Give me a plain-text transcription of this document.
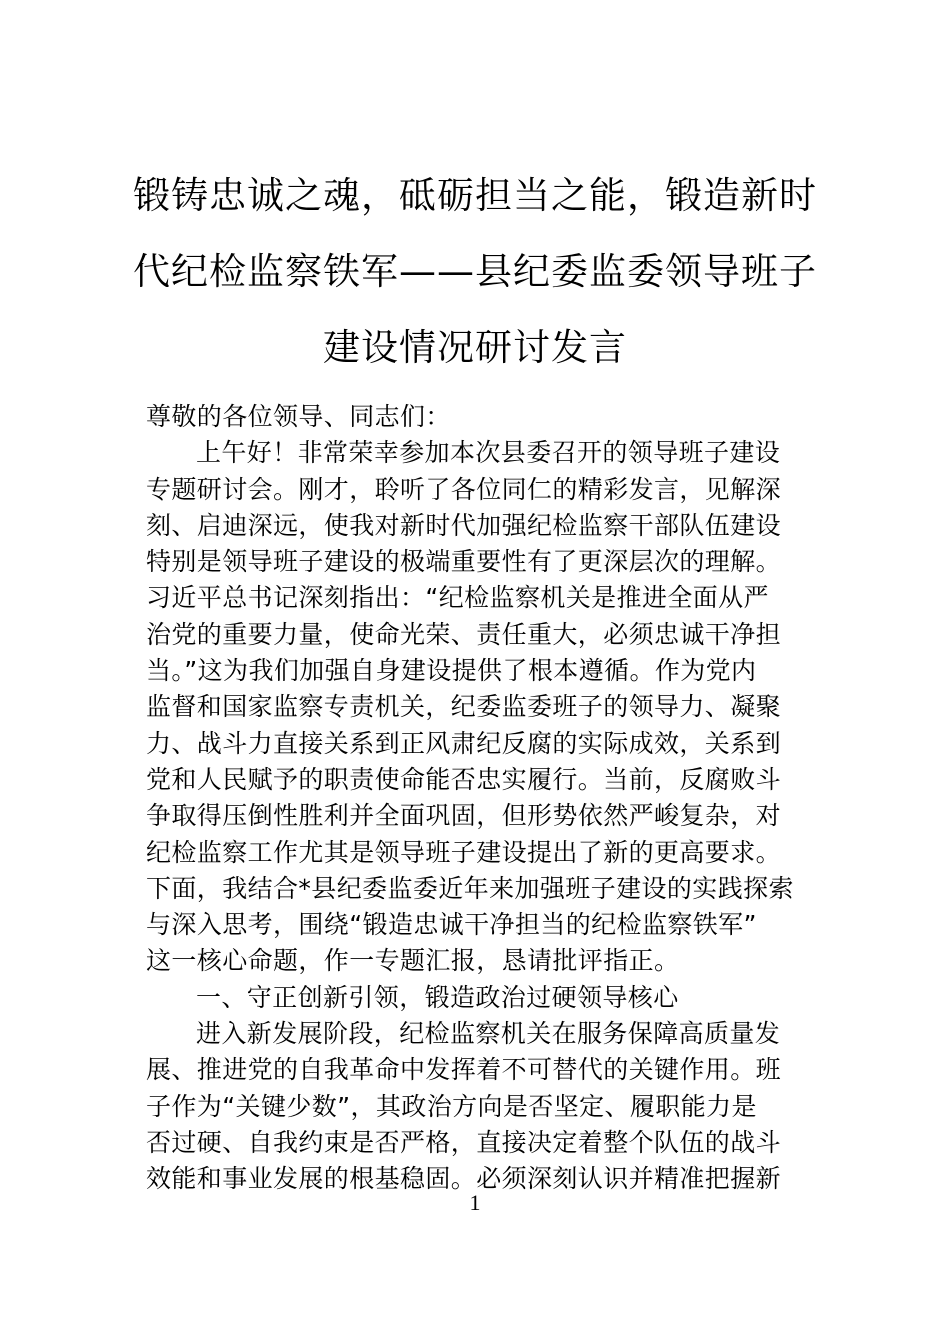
锻铸忠诚之魂，砥砺担当之能，锻造新时
代纪检监察铁军——县纪委监委领导班子
建设情况研讨发言
尊敬的各位领导、同志们：
上午好！非常荣幸参加本次县委召开的领导班子建设
专题研讨会。刚才，聆听了各位同仁的精彩发言，见解深
刻、启迪深远，使我对新时代加强纪检监察干部队伍建设
特别是领导班子建设的极端重要性有了更深层次的理解。
习近平总书记深刻指出：“纪检监察机关是推进全面从严
治党的重要力量，使命光荣、责任重大，必须忠诚干净担
当。”这为我们加强自身建设提供了根本遵循。作为党内
监督和国家监察专责机关，纪委监委班子的领导力、凝聚
力、战斗力直接关系到正风肃纪反腐的实际成效，关系到
党和人民赋予的职责使命能否忠实履行。当前，反腐败斗
争取得压倒性胜利并全面巩固，但形势依然严峻复杂，对
纪检监察工作尤其是领导班子建设提出了新的更高要求。
下面，我结合*县纪委监委近年来加强班子建设的实践探索
与深入思考，围绕“锻造忠诚干净担当的纪检监察铁军”
这一核心命题，作一专题汇报，恳请批评指正。
一、守正创新引领，锻造政治过硬领导核心
进入新发展阶段，纪检监察机关在服务保障高质量发
展、推进党的自我革命中发挥着不可替代的关键作用。班
子作为“关键少数”，其政治方向是否坚定、履职能力是
否过硬、自我约束是否严格，直接决定着整个队伍的战斗
效能和事业发展的根基稳固。必须深刻认识并精准把握新
1
